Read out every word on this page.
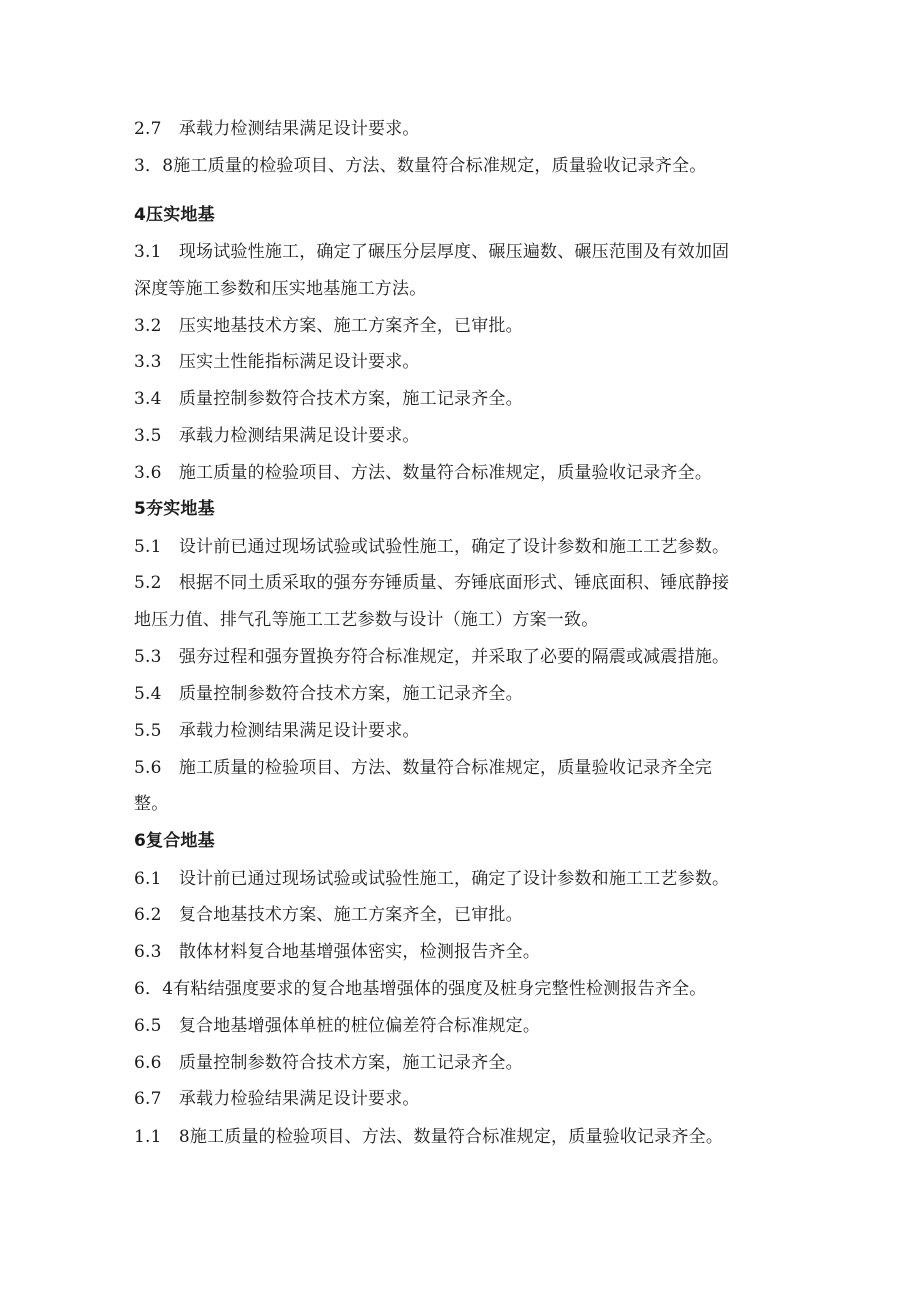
2.7　承载力检测结果满足设计要求。

3．8施工质量的检验项目、方法、数量符合标准规定，质量验收记录齐全。

4压实地基

3.1　现场试验性施工，确定了碾压分层厚度、碾压遍数、碾压范围及有效加固

深度等施工参数和压实地基施工方法。

3.2　压实地基技术方案、施工方案齐全，已审批。

3.3　压实土性能指标满足设计要求。

3.4　质量控制参数符合技术方案，施工记录齐全。

3.5　承载力检测结果满足设计要求。

3.6　施工质量的检验项目、方法、数量符合标准规定，质量验收记录齐全。

5夯实地基

5.1　设计前已通过现场试验或试验性施工，确定了设计参数和施工工艺参数。

5.2　根据不同土质采取的强夯夯锤质量、夯锤底面形式、锤底面积、锤底静接

地压力值、排气孔等施工工艺参数与设计（施工）方案一致。

5.3　强夯过程和强夯置换夯符合标准规定，并采取了必要的隔震或减震措施。

5.4　质量控制参数符合技术方案，施工记录齐全。

5.5　承载力检测结果满足设计要求。

5.6　施工质量的检验项目、方法、数量符合标准规定，质量验收记录齐全完

整。

6复合地基

6.1　设计前已通过现场试验或试验性施工，确定了设计参数和施工工艺参数。

6.2　复合地基技术方案、施工方案齐全，已审批。

6.3　散体材料复合地基增强体密实，检测报告齐全。

6．4有粘结强度要求的复合地基增强体的强度及桩身完整性检测报告齐全。

6.5　复合地基增强体单桩的桩位偏差符合标准规定。

6.6　质量控制参数符合技术方案，施工记录齐全。

6.7　承载力检验结果满足设计要求。

1.1　8施工质量的检验项目、方法、数量符合标准规定，质量验收记录齐全。
